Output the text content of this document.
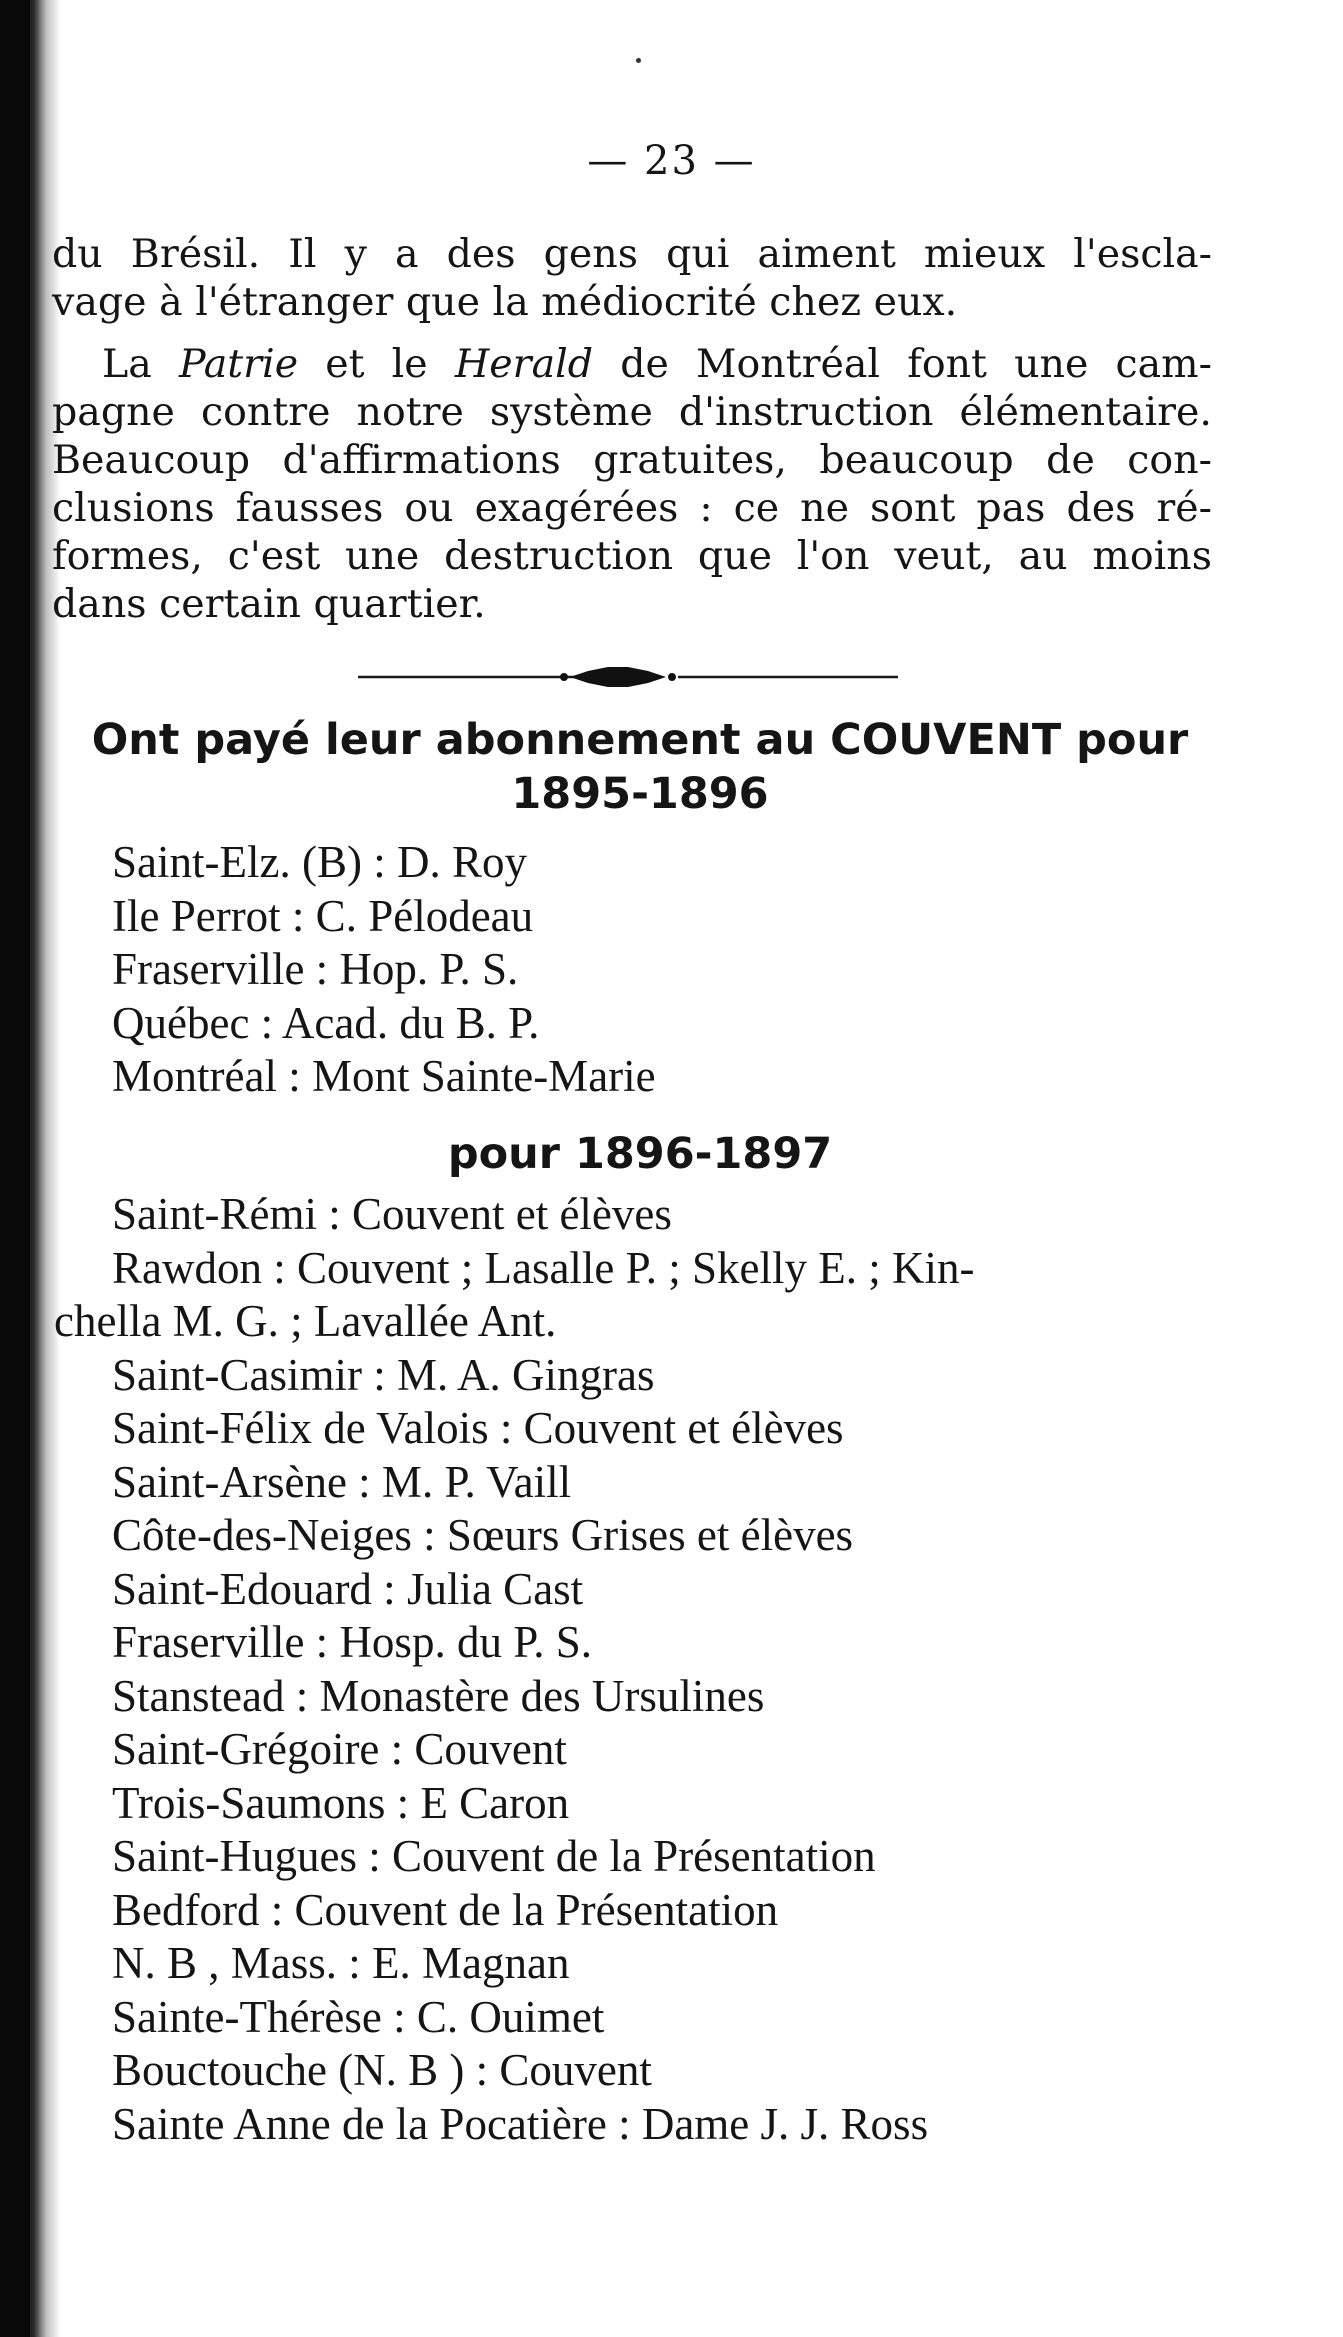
— 23 —
du Brésil. Il y a des gens qui aiment mieux l'escla-
vage à l'étranger que la médiocrité chez eux.
La Patrie et le Herald de Montréal font une cam-
pagne contre notre système d'instruction élémentaire.
Beaucoup d'affirmations gratuites, beaucoup de con-
clusions fausses ou exagérées : ce ne sont pas des ré-
formes, c'est une destruction que l'on veut, au moins
dans certain quartier.
Ont payé leur abonnement au COUVENT pour
1895-1896
Saint-Elz. (B) : D. Roy
Ile Perrot : C. Pélodeau
Fraserville : Hop. P. S.
Québec : Acad. du B. P.
Montréal : Mont Sainte-Marie
pour 1896-1897
Saint-Rémi : Couvent et élèves
Rawdon : Couvent ; Lasalle P. ; Skelly E. ; Kin-
chella M. G. ; Lavallée Ant.
Saint-Casimir : M. A. Gingras
Saint-Félix de Valois : Couvent et élèves
Saint-Arsène : M. P. Vaill
Côte-des-Neiges : Sœurs Grises et élèves
Saint-Edouard : Julia Cast
Fraserville : Hosp. du P. S.
Stanstead : Monastère des Ursulines
Saint-Grégoire : Couvent
Trois-Saumons : E Caron
Saint-Hugues : Couvent de la Présentation
Bedford : Couvent de la Présentation
N. B , Mass. : E. Magnan
Sainte-Thérèse : C. Ouimet
Bouctouche (N. B ) : Couvent
Sainte Anne de la Pocatière : Dame J. J. Ross
